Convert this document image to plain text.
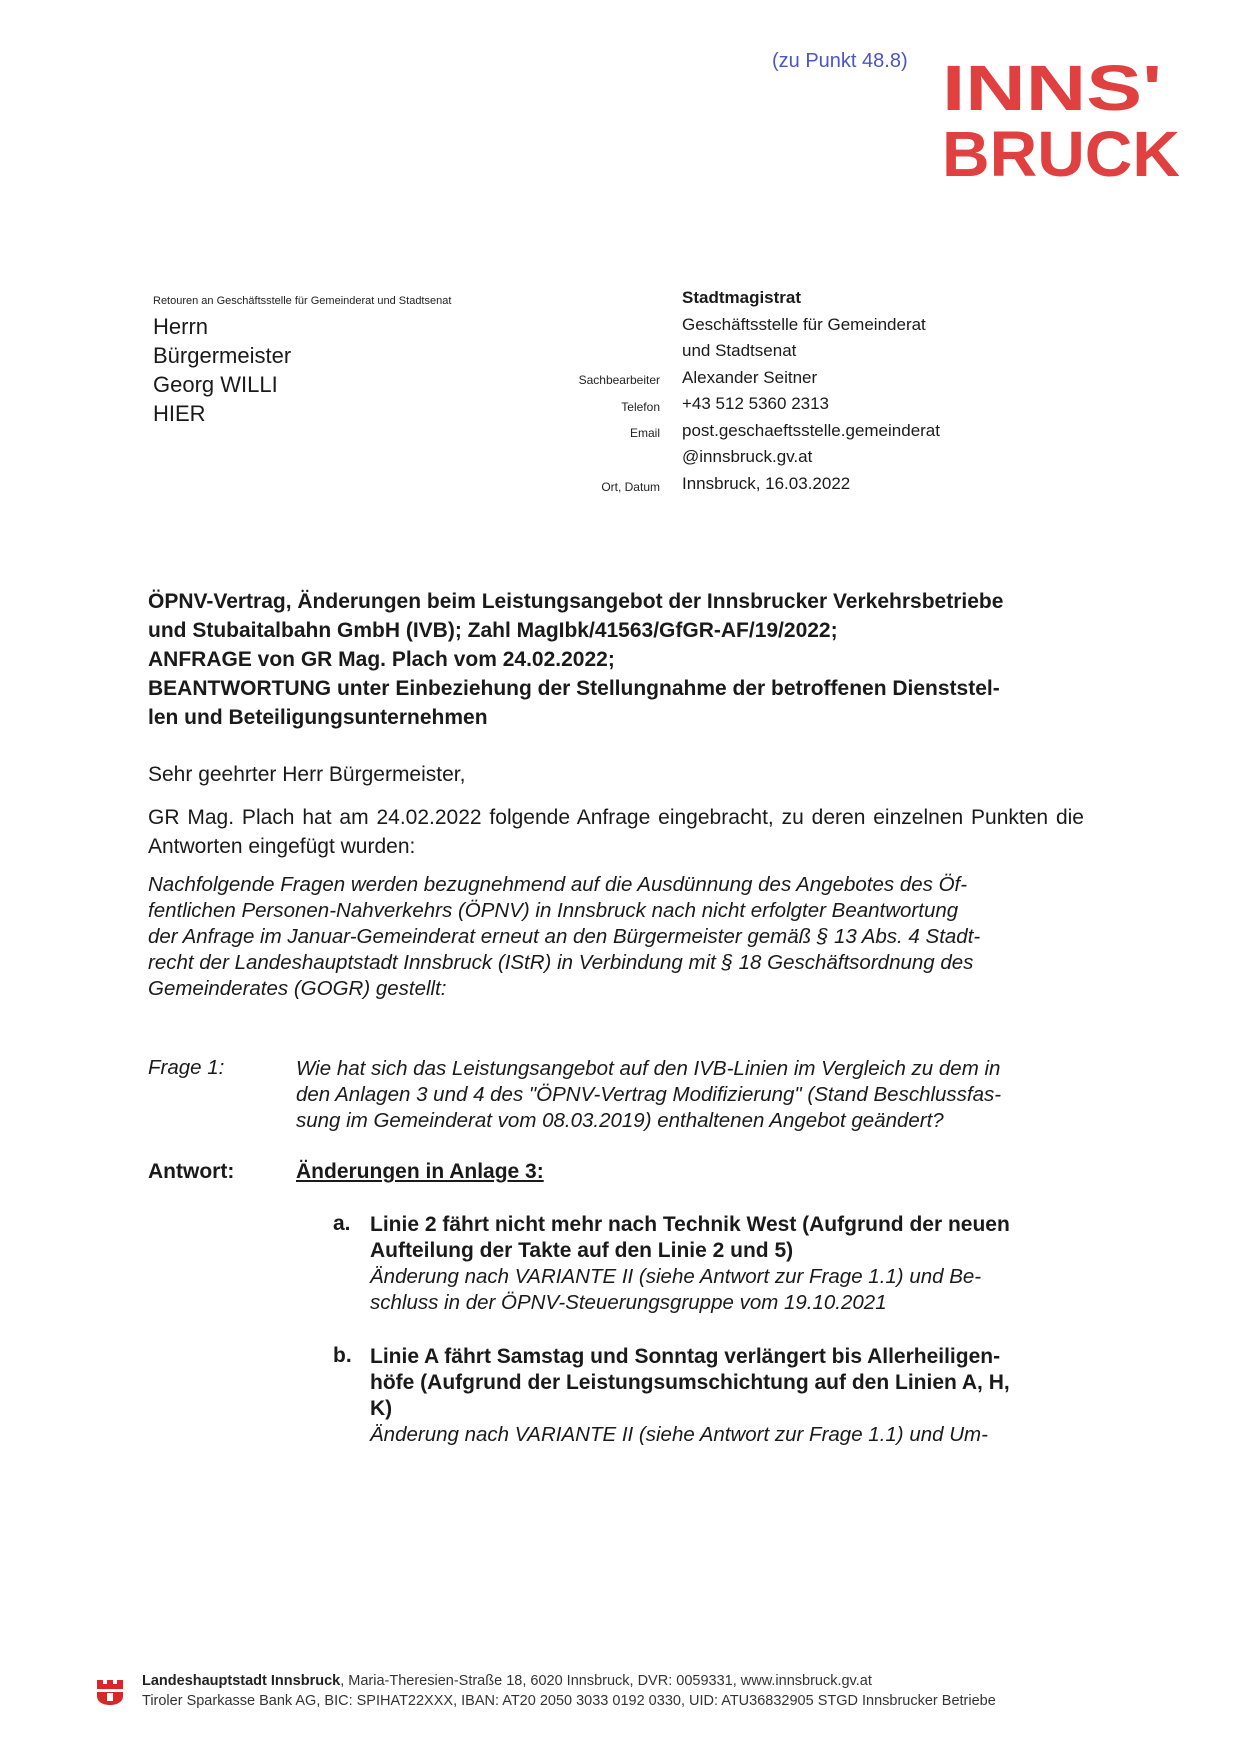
(zu Punkt 48.8) INNS'
BRUCK
Retouren an Geschäftsstelle für Gemeinderat und Stadtsenat
Herrn
Bürgermeister
Georg WILLI
HIER
Sachbearbeiter
Telefon
Email
Ort, Datum
Stadtmagistrat
Geschäftsstelle für Gemeinderat
und Stadtsenat
Alexander Seitner
+43 512 5360 2313
post.geschaeftsstelle.gemeinderat
@innsbruck.gv.at
Innsbruck, 16.03.2022
ÖPNV-Vertrag, Änderungen beim Leistungsangebot der Innsbrucker Verkehrsbetriebe
und Stubaitalbahn GmbH (IVB); Zahl MagIbk/41563/GfGR-AF/19/2022;
ANFRAGE von GR Mag. Plach vom 24.02.2022;
BEANTWORTUNG unter Einbeziehung der Stellungnahme der betroffenen Dienststel-
len und Beteiligungsunternehmen
Sehr geehrter Herr Bürgermeister,
GR Mag. Plach hat am 24.02.2022 folgende Anfrage eingebracht, zu deren einzelnen Punkten die Antworten eingefügt wurden:
Nachfolgende Fragen werden bezugnehmend auf die Ausdünnung des Angebotes des Öf-
fentlichen Personen-Nahverkehrs (ÖPNV) in Innsbruck nach nicht erfolgter Beantwortung
der Anfrage im Januar-Gemeinderat erneut an den Bürgermeister gemäß § 13 Abs. 4 Stadt-
recht der Landeshauptstadt Innsbruck (IStR) in Verbindung mit § 18 Geschäftsordnung des
Gemeinderates (GOGR) gestellt:
Frage 1:	Wie hat sich das Leistungsangebot auf den IVB-Linien im Vergleich zu dem in
den Anlagen 3 und 4 des "ÖPNV-Vertrag Modifizierung" (Stand Beschlussfas-
sung im Gemeinderat vom 08.03.2019) enthaltenen Angebot geändert?
Antwort:	Änderungen in Anlage 3:
a. Linie 2 fährt nicht mehr nach Technik West (Aufgrund der neuen
Aufteilung der Takte auf den Linie 2 und 5)
Änderung nach VARIANTE II (siehe Antwort zur Frage 1.1) und Be-
schluss in der ÖPNV-Steuerungsgruppe vom 19.10.2021
b. Linie A fährt Samstag und Sonntag verlängert bis Allerheiligen-
höfe (Aufgrund der Leistungsumschichtung auf den Linien A, H,
K)
Änderung nach VARIANTE II (siehe Antwort zur Frage 1.1) und Um-
Landeshauptstadt Innsbruck, Maria-Theresien-Straße 18, 6020 Innsbruck, DVR: 0059331, www.innsbruck.gv.at
Tiroler Sparkasse Bank AG, BIC: SPIHAT22XXX, IBAN: AT20 2050 3033 0192 0330, UID: ATU36832905 STGD Innsbrucker Betriebe
